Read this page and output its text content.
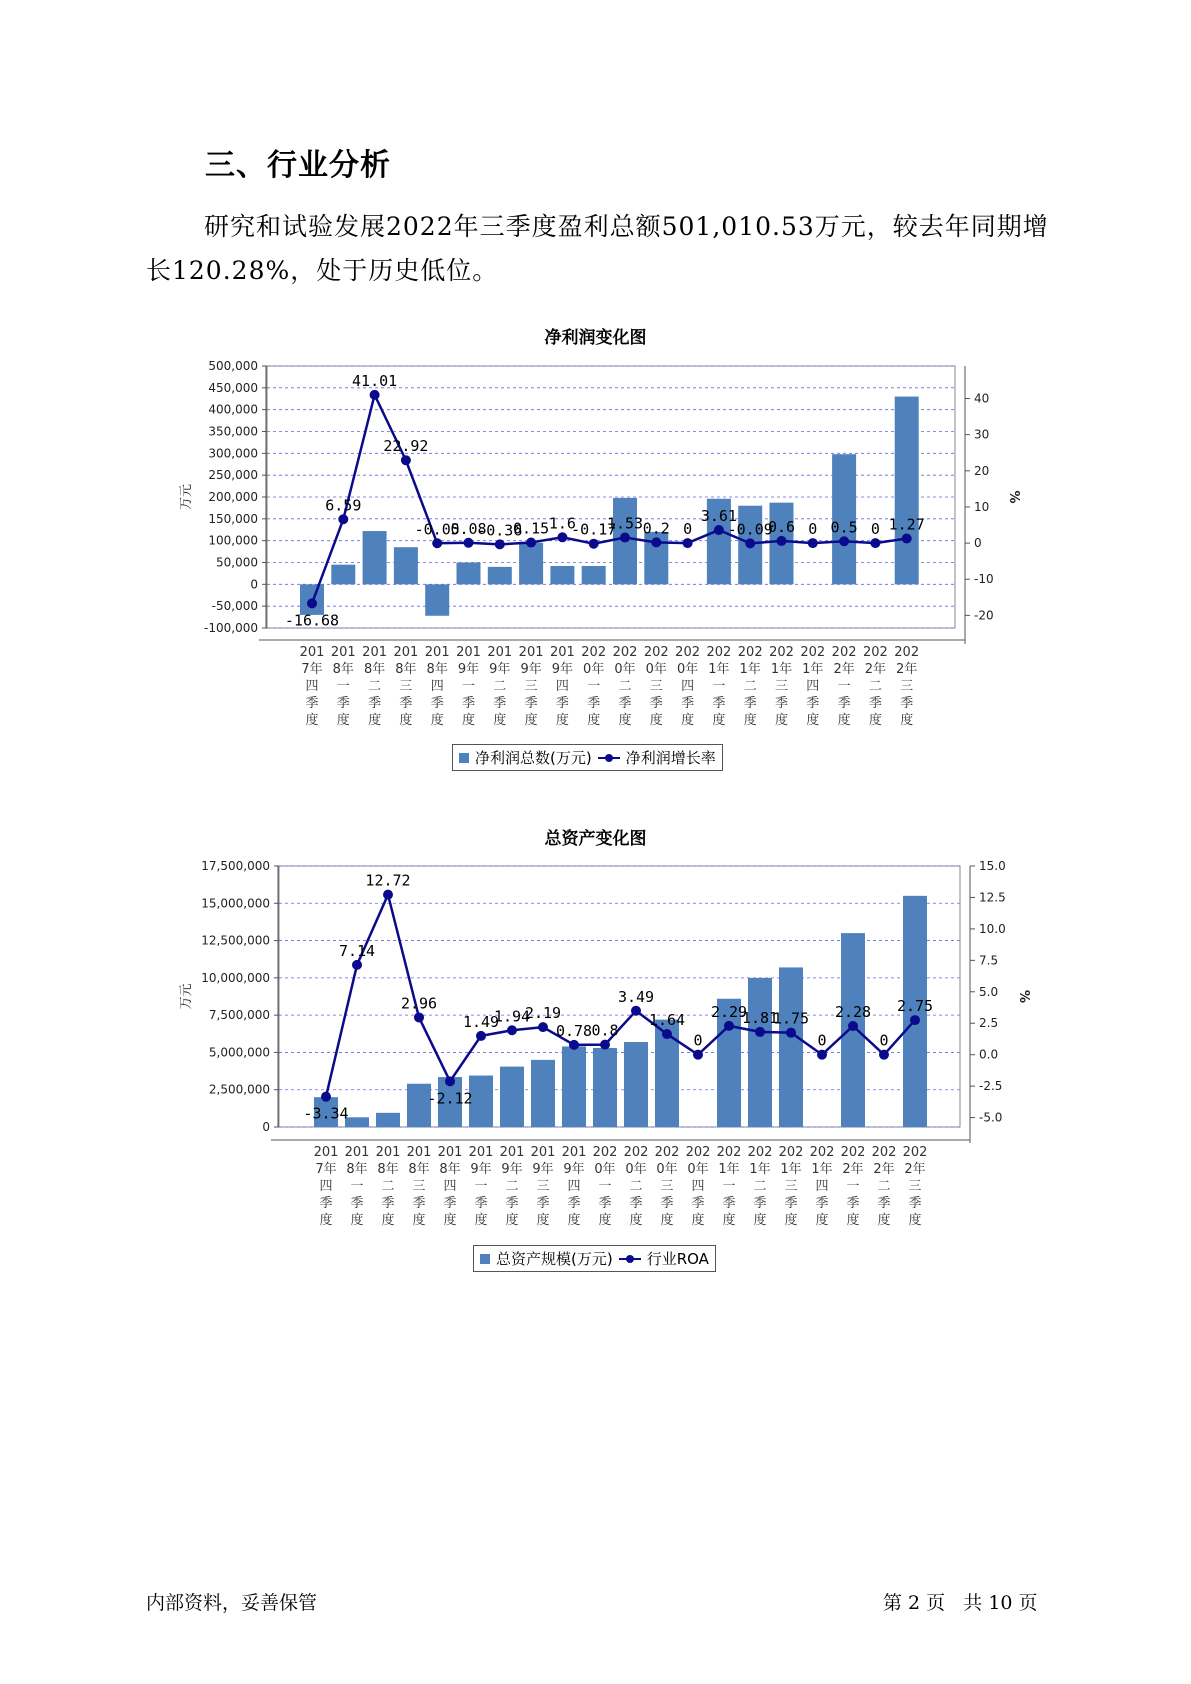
三、行业分析

研究和试验发展2022年三季度盈利总额501,010.53万元，较去年同期增长120.28%，处于历史低位。

净利润变化图
500,000
450,000
400,000
350,000
300,000
250,000
200,000
150,000
100,000
50,000
0
-50,000
-100,000
40
30
20
10
0
-10
-20
万元	%
201 7年四季度
201 8年一季度
201 8年二季度
201 8年三季度
201 8年四季度
201 9年一季度
201 9年二季度
201 9年三季度
201 9年四季度
202 0年一季度
202 0年二季度
202 0年三季度
202 0年四季度
202 1年一季度
202 1年二季度
202 1年三季度
202 1年四季度
202 2年一季度
202 2年二季度
202 2年三季度
-16.68
6.59
41.01
22.92
-0.05
0.08
-0.36
0.15 1.6
-0.17
1.53 0.2 0
3.61
-0.09
0.6 0 0.5 0 1.27
净利润总数(万元) 净利润增长率
总资产变化图
17,500,000
15,000,000
12,500,000
10,000,000
7,500,000
5,000,000
2,500,000
0
15.0
12.5
10.0
7.5
5.0
2.5
0.0
-2.5
-5.0
万元	%
201 7年四季度
201 8年一季度
201 8年二季度
201 8年三季度
201 8年四季度
201 9年一季度
201 9年二季度
201 9年三季度
201 9年四季度
202 0年一季度
202 0年二季度
202 0年三季度
202 0年四季度
202 1年一季度
202 1年二季度
202 1年三季度
202 1年四季度
202 2年一季度
202 2年二季度
202 2年三季度
-3.34
7.14
12.72
2.96
-2.12
1.49
1.94
2.19
0.78 0.8
3.49
1.64
0
2.29
1.81
1.75
0
2.28
0
2.75
总资产规模(万元) 行业ROA
内部资料，妥善保管	第 2 页   共 10 页
